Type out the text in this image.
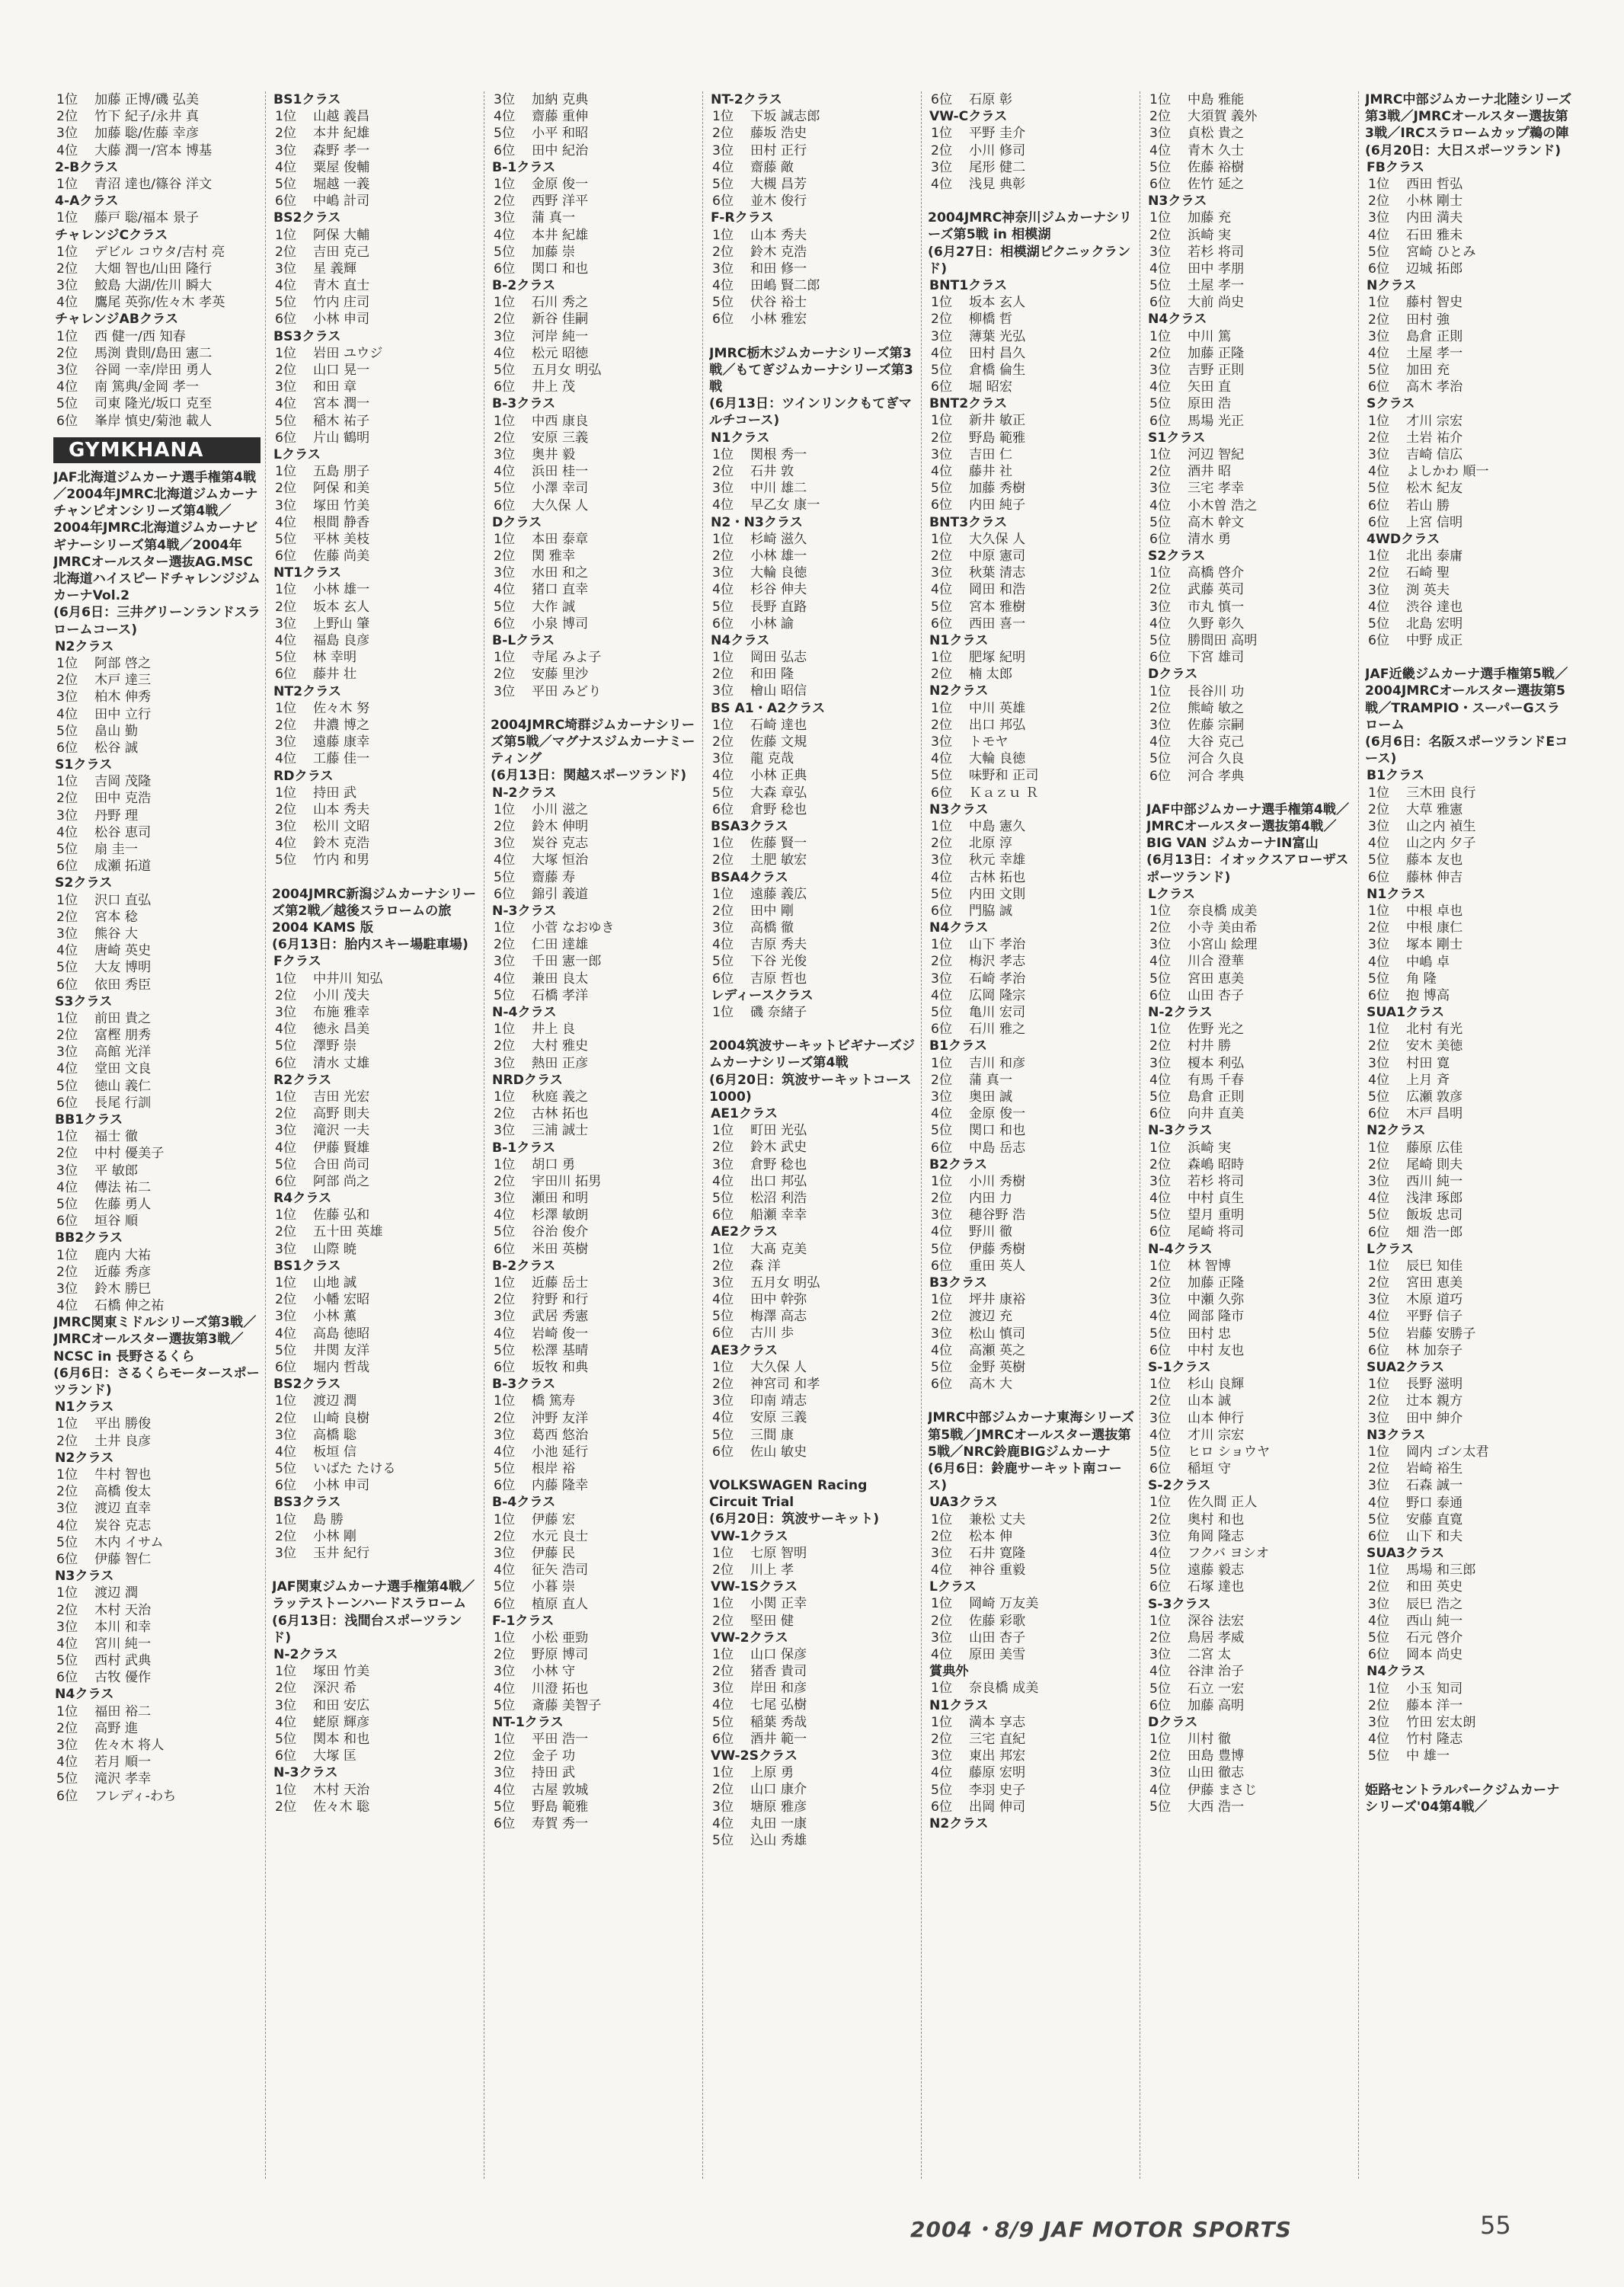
1位 加藤 正博/磯 弘美
2位 竹下 紀子/永井 真
3位 加藤 聡/佐藤 幸彦
4位 大藤 潤一/宮本 博基
2-Bクラス
1位 青沼 達也/篠谷 洋文
4-Aクラス
1位 藤戸 聡/福本 景子
チャレンジCクラス
1位 デビル コウタ/吉村 亮
2位 大畑 智也/山田 隆行
3位 鮫島 大湖/佐川 瞬大
4位 鷹尾 英弥/佐々木 孝英
チャレンジABクラス
1位 西 健一/西 知春
2位 馬渕 貴則/島田 憲二
3位 谷岡 一幸/岸田 勇人
4位 南 篤典/金岡 孝一
5位 司東 隆光/坂口 克至
6位 峯岸 慎史/菊池 載人
GYMKHANA
JAF北海道ジムカーナ選手権第4戦／2004年JMRC北海道ジムカーナチャンピオンシリーズ第4戦／2004年JMRC北海道ジムカーナビギナーシリーズ第4戦／2004年JMRCオールスター選抜AG.MSC北海道ハイスピードチャレンジジムカーナVol.2
(6月6日：三井グリーンランドスラロームコース)
N2クラス
1位 阿部 啓之
2位 木戸 達三
3位 柏木 伸秀
4位 田中 立行
5位 畠山 勤
6位 松谷 誠
S1クラス
1位 吉岡 茂隆
2位 田中 克浩
3位 丹野 理
4位 松谷 恵司
5位 扇 圭一
6位 成瀬 拓道
S2クラス
1位 沢口 直弘
2位 宮本 稔
3位 熊谷 大
4位 唐崎 英史
5位 大友 博明
6位 依田 秀臣
S3クラス
1位 前田 貴之
2位 富樫 朋秀
3位 高館 光洋
4位 堂田 文良
5位 徳山 義仁
6位 長尾 行訓
BB1クラス
1位 福士 徹
2位 中村 優美子
3位 平 敏郎
4位 傳法 祐二
5位 佐藤 勇人
6位 垣谷 順
BB2クラス
1位 鹿内 大祐
2位 近藤 秀彦
3位 鈴木 勝巳
4位 石橋 伸之祐
JMRC関東ミドルシリーズ第3戦／JMRCオールスター選抜第3戦／NCSC in 長野さるくら
(6月6日：さるくらモータースポーツランド)
N1クラス
1位 平出 勝俊
2位 土井 良彦
N2クラス
1位 牛村 智也
2位 高橋 俊太
3位 渡辺 直幸
4位 炭谷 克志
5位 木内 イサム
6位 伊藤 智仁
N3クラス
1位 渡辺 潤
2位 木村 天治
3位 本川 和幸
4位 宮川 純一
5位 西村 武典
6位 古牧 優作
N4クラス
1位 福田 裕二
2位 高野 進
3位 佐々木 将人
4位 若月 順一
5位 滝沢 孝幸
6位 フレディ-わち
BS1クラス
1位 山越 義昌
2位 本井 紀雄
3位 森野 孝一
4位 粟屋 俊輔
5位 堀越 一義
6位 中嶋 計司
BS2クラス
1位 阿保 大輔
2位 吉田 克己
3位 星 義輝
4位 青木 直士
5位 竹内 庄司
6位 小林 申司
BS3クラス
1位 岩田 ユウジ
2位 山口 晃一
3位 和田 章
4位 宮本 潤一
5位 稲木 祐子
6位 片山 鶴明
Lクラス
1位 五島 朋子
2位 阿保 和美
3位 塚田 竹美
4位 根間 静香
5位 平林 美枝
6位 佐藤 尚美
NT1クラス
1位 小林 雄一
2位 坂本 玄人
3位 上野山 肇
4位 福島 良彦
5位 林 幸明
6位 藤井 壮
NT2クラス
1位 佐々木 努
2位 井濃 博之
3位 遠藤 康幸
4位 工藤 佳一
RDクラス
1位 持田 武
2位 山本 秀夫
3位 松川 文昭
4位 鈴木 克浩
5位 竹内 和男
2004JMRC新潟ジムカーナシリーズ第2戦／越後スラロームの旅2004 KAMS 版
(6月13日：胎内スキー場駐車場)
Fクラス
1位 中井川 知弘
2位 小川 茂夫
3位 布施 雅幸
4位 徳永 昌美
5位 澤野 崇
6位 清水 丈雄
R2クラス
1位 吉田 光宏
2位 高野 則夫
3位 滝沢 一夫
4位 伊藤 賢雄
5位 合田 尚司
6位 阿部 尚之
R4クラス
1位 佐藤 弘和
2位 五十田 英雄
3位 山際 暁
BS1クラス
1位 山地 誠
2位 小幡 宏昭
3位 小林 薫
4位 高島 徳昭
5位 井関 友洋
6位 堀内 哲哉
BS2クラス
1位 渡辺 潤
2位 山崎 良樹
3位 高橋 聡
4位 板垣 信
5位 いばた たける
6位 小林 申司
BS3クラス
1位 島 勝
2位 小林 剛
3位 玉井 紀行
JAF関東ジムカーナ選手権第4戦／ラッテストーンハードスラローム
(6月13日：浅間台スポーツランド)
N-2クラス
1位 塚田 竹美
2位 深沢 希
3位 和田 安広
4位 蛯原 輝彦
5位 関本 和也
6位 大塚 匡
N-3クラス
1位 木村 天治
2位 佐々木 聡
3位 加納 克典
4位 齋藤 重伸
5位 小平 和昭
6位 田中 紀治
B-1クラス
1位 金原 俊一
2位 西野 洋平
3位 蒲 真一
4位 本井 紀雄
5位 加藤 崇
6位 関口 和也
B-2クラス
1位 石川 秀之
2位 新谷 佳嗣
3位 河岸 純一
4位 松元 昭徳
5位 五月女 明弘
6位 井上 茂
B-3クラス
1位 中西 康良
2位 安原 三義
3位 奥井 毅
4位 浜田 桂一
5位 小澤 幸司
6位 大久保 人
Dクラス
1位 本田 泰章
2位 関 雅幸
3位 水田 和之
4位 猪口 直幸
5位 大作 誠
6位 小泉 博司
B-Lクラス
1位 寺尾 みよ子
2位 安藤 里沙
3位 平田 みどり
2004JMRC埼群ジムカーナシリーズ第5戦／マグナスジムカーナミーティング
(6月13日：関越スポーツランド)
N-2クラス
1位 小川 滋之
2位 鈴木 伸明
3位 炭谷 克志
4位 大塚 恒治
5位 齋藤 寿
6位 錦引 義道
N-3クラス
1位 小菅 なおゆき
2位 仁田 達雄
3位 千田 憲一郎
4位 兼田 良太
5位 石橋 孝洋
N-4クラス
1位 井上 良
2位 大村 雅史
3位 熱田 正彦
NRDクラス
1位 秋庭 義之
2位 古林 拓也
3位 三浦 誠士
B-1クラス
1位 胡口 勇
2位 宇田川 拓男
3位 瀬田 和明
4位 杉澤 敏朗
5位 谷治 俊介
6位 米田 英樹
B-2クラス
1位 近藤 岳士
2位 狩野 和行
3位 武居 秀憲
4位 岩崎 俊一
5位 松澤 基晴
6位 坂牧 和典
B-3クラス
1位 橋 篤寿
2位 沖野 友洋
3位 葛西 悠治
4位 小池 延行
5位 根岸 裕
6位 内藤 隆幸
B-4クラス
1位 伊藤 宏
2位 水元 良士
3位 伊藤 民
4位 征矢 浩司
5位 小暮 崇
6位 植原 直人
F-1クラス
1位 小松 亜勁
2位 野原 博司
3位 小林 守
4位 川澄 拓也
5位 斎藤 美智子
NT-1クラス
1位 平田 浩一
2位 金子 功
3位 持田 武
4位 古屋 敦城
5位 野島 範雅
6位 寿賀 秀一
NT-2クラス
1位 下坂 誠志郎
2位 藤坂 浩史
3位 田村 正行
4位 齋藤 敵
5位 大槻 昌芳
6位 並木 俊行
F-Rクラス
1位 山本 秀夫
2位 鈴木 克浩
3位 和田 修一
4位 田嶋 賢二郎
5位 伏谷 裕士
6位 小林 雅宏
JMRC栃木ジムカーナシリーズ第3戦／もてぎジムカーナシリーズ第3戦
(6月13日：ツインリンクもてぎマルチコース)
N1クラス
1位 関根 秀一
2位 石井 敦
3位 中川 雄二
4位 早乙女 康一
N2・N3クラス
1位 杉崎 滋久
2位 小林 雄一
3位 大輪 良徳
4位 杉谷 伸夫
5位 長野 直路
6位 小林 諭
N4クラス
1位 岡田 弘志
2位 和田 隆
3位 檜山 昭信
BS A1・A2クラス
1位 石崎 達也
2位 佐藤 文規
3位 龍 克哉
4位 小林 正典
5位 大森 章弘
6位 倉野 稔也
BSA3クラス
1位 佐藤 賢一
2位 土肥 敏宏
BSA4クラス
1位 遠藤 義広
2位 田中 剛
3位 高橋 徹
4位 吉原 秀夫
5位 下谷 光俊
6位 吉原 哲也
レディースクラス
1位 磯 奈緒子
2004筑波サーキットビギナーズジムカーナシリーズ第4戦
(6月20日：筑波サーキットコース1000)
AE1クラス
1位 町田 光弘
2位 鈴木 武史
3位 倉野 稔也
4位 出口 邦弘
5位 松沼 利浩
6位 船瀬 幸幸
AE2クラス
1位 大髙 克美
2位 森 洋
3位 五月女 明弘
4位 田中 幹弥
5位 梅澤 高志
6位 古川 歩
AE3クラス
1位 大久保 人
2位 神宮司 和孝
3位 印南 靖志
4位 安原 三義
5位 三間 康
6位 佐山 敏史
VOLKSWAGEN Racing Circuit Trial
(6月20日：筑波サーキット)
VW-1クラス
1位 七原 智明
2位 川上 孝
VW-1Sクラス
1位 小関 正幸
2位 堅田 健
VW-2クラス
1位 山口 保彦
2位 猪香 貴司
3位 岸田 和彦
4位 七尾 弘樹
5位 稲葉 秀哉
6位 酒井 範一
VW-2Sクラス
1位 上原 勇
2位 山口 康介
3位 塘原 雅彦
4位 丸田 一康
5位 込山 秀雄
6位 石原 彰
VW-Cクラス
1位 平野 圭介
2位 小川 修司
3位 尾形 健二
4位 浅見 典彰
2004JMRC神奈川ジムカーナシリーズ第5戦 in 相模湖
(6月27日：相模湖ピクニックランド)
BNT1クラス
1位 坂本 玄人
2位 柳橋 哲
3位 薄葉 光弘
4位 田村 昌久
5位 倉橋 倫生
6位 堀 昭宏
BNT2クラス
1位 新井 敏正
2位 野島 範雅
3位 吉田 仁
4位 藤井 社
5位 加藤 秀樹
6位 内田 純子
BNT3クラス
1位 大久保 人
2位 中原 憲司
3位 秋葉 清志
4位 岡田 和浩
5位 宮本 雅樹
6位 西田 喜一
N1クラス
1位 肥塚 紀明
2位 楠 太郎
N2クラス
1位 中川 英雄
2位 出口 邦弘
3位 トモヤ
4位 大輪 良徳
5位 味野和 正司
6位 Ｋａｚｕ Ｒ
N3クラス
1位 中島 憲久
2位 北原 淳
3位 秋元 幸雄
4位 古林 拓也
5位 内田 文則
6位 門脇 誠
N4クラス
1位 山下 孝治
2位 梅沢 孝志
3位 石崎 孝治
4位 広岡 隆宗
5位 亀川 宏司
6位 石川 雅之
B1クラス
1位 吉川 和彦
2位 蒲 真一
3位 奥田 誠
4位 金原 俊一
5位 関口 和也
6位 中島 岳志
B2クラス
1位 小川 秀樹
2位 内田 力
3位 穂谷野 浩
4位 野川 徹
5位 伊藤 秀樹
6位 重田 英人
B3クラス
1位 坪井 康裕
2位 渡辺 充
3位 松山 慎司
4位 高瀬 英之
5位 金野 英樹
6位 高木 大
JMRC中部ジムカーナ東海シリーズ第5戦／JMRCオールスター選抜第5戦／NRC鈴鹿BIGジムカーナ
(6月6日：鈴鹿サーキット南コース)
UA3クラス
1位 兼松 丈夫
2位 松本 伸
3位 石井 寛隆
4位 神谷 重毅
Lクラス
1位 岡崎 万友美
2位 佐藤 彩歌
3位 山田 杏子
4位 原田 美雪
賞典外
1位 奈良橋 成美
N1クラス
1位 満本 享志
2位 三宅 直紀
3位 東出 邦宏
4位 藤原 宏明
5位 李羽 史子
6位 出岡 伸司
N2クラス
1位 中島 雅能
2位 大須賀 義外
3位 貞松 貴之
4位 青木 久士
5位 佐藤 裕樹
6位 佐竹 延之
N3クラス
1位 加藤 充
2位 浜崎 実
3位 若杉 将司
4位 田中 孝朋
5位 土屋 孝一
6位 大前 尚史
N4クラス
1位 中川 篤
2位 加藤 正隆
3位 吉野 正則
4位 矢田 直
5位 原田 浩
6位 馬場 光正
S1クラス
1位 河辺 智紀
2位 酒井 昭
3位 三宅 孝幸
4位 小木曽 浩之
5位 高木 幹文
6位 清水 勇
S2クラス
1位 高橋 啓介
2位 武藤 英司
3位 市丸 慎一
4位 久野 彰久
5位 勝間田 高明
6位 下宮 雄司
Dクラス
1位 長谷川 功
2位 熊崎 敏之
3位 佐藤 宗嗣
4位 大谷 克己
5位 河合 久良
6位 河合 孝典
JAF中部ジムカーナ選手権第4戦／JMRCオールスター選抜第4戦／BIG VAN ジムカーナIN富山
(6月13日：イオックスアローザスポーツランド)
Lクラス
1位 奈良橋 成美
2位 小寺 美由希
3位 小宮山 絵理
4位 川合 澄華
5位 宮田 恵美
6位 山田 杏子
N-2クラス
1位 佐野 光之
2位 村井 勝
3位 榎本 利弘
4位 有馬 千春
5位 島倉 正則
6位 向井 直美
N-3クラス
1位 浜崎 実
2位 森嶋 昭時
3位 若杉 将司
4位 中村 貞生
5位 望月 重明
6位 尾崎 将司
N-4クラス
1位 林 智博
2位 加藤 正隆
3位 中瀬 久弥
4位 岡部 隆市
5位 田村 忠
6位 中村 友也
S-1クラス
1位 杉山 良輝
2位 山本 誠
3位 山本 伸行
4位 才川 宗宏
5位 ヒロ ショウヤ
6位 稲垣 守
S-2クラス
1位 佐久間 正人
2位 奥村 和也
3位 角岡 隆志
4位 フクバ ヨシオ
5位 遠藤 毅志
6位 石塚 達也
S-3クラス
1位 深谷 法宏
2位 鳥居 孝威
3位 二宮 太
4位 谷津 治子
5位 石立 一宏
6位 加藤 高明
Dクラス
1位 川村 徹
2位 田島 豊博
3位 山田 徹志
4位 伊藤 まさじ
5位 大西 浩一
JMRC中部ジムカーナ北陸シリーズ第3戦／JMRCオールスター選抜第3戦／IRCスラロームカップ鵜の陣
(6月20日：大日スポーツランド)
FBクラス
1位 西田 哲弘
2位 小林 剛士
3位 内田 満夫
4位 石田 雅未
5位 宮崎 ひとみ
6位 辺城 拓郎
Nクラス
1位 藤村 智史
2位 田村 強
3位 島倉 正則
4位 土屋 孝一
5位 加田 充
6位 高木 孝治
Sクラス
1位 才川 宗宏
2位 土岩 祐介
3位 吉崎 信広
4位 よしかわ 順一
5位 松木 紀友
6位 若山 勝
6位 上宮 信明
4WDクラス
1位 北出 泰庸
2位 石崎 聖
3位 渕 英夫
4位 渋谷 達也
5位 北島 宏明
6位 中野 成正
JAF近畿ジムカーナ選手権第5戦／2004JMRCオールスター選抜第5戦／TRAMPIO・スーパーGスラローム
(6月6日：名阪スポーツランドEコース)
B1クラス
1位 三木田 良行
2位 大草 雅憲
3位 山之内 禎生
4位 山之内 夕子
5位 藤本 友也
6位 藤林 伸吉
N1クラス
1位 中根 卓也
2位 中根 康仁
3位 塚本 剛士
4位 中嶋 卓
5位 角 隆
6位 抱 博高
SUA1クラス
1位 北村 有光
2位 安木 美徳
3位 村田 寛
4位 上月 斉
5位 広瀬 敦彦
6位 木戸 昌明
N2クラス
1位 藤原 広佳
2位 尾崎 則夫
3位 西川 純一
4位 浅津 琢郎
5位 飯坂 忠司
6位 畑 浩一郎
Lクラス
1位 辰巳 知佳
2位 宮田 恵美
3位 木原 道巧
4位 平野 信子
5位 岩藤 安勝子
6位 林 加奈子
SUA2クラス
1位 長野 滋明
2位 辻本 親方
3位 田中 紳介
N3クラス
1位 岡内 ゴン太君
2位 岩崎 裕生
3位 石森 誠一
4位 野口 泰通
5位 安藤 直寛
6位 山下 和夫
SUA3クラス
1位 馬場 和三郎
2位 和田 英史
3位 辰巳 浩之
4位 西山 純一
5位 石元 啓介
6位 岡本 尚史
N4クラス
1位 小玉 知司
2位 藤本 洋一
3位 竹田 宏太朗
4位 竹村 隆志
5位 中 雄一
姫路セントラルパークジムカーナシリーズ'04第4戦／
2004・8/9 JAF MOTOR SPORTS	55
